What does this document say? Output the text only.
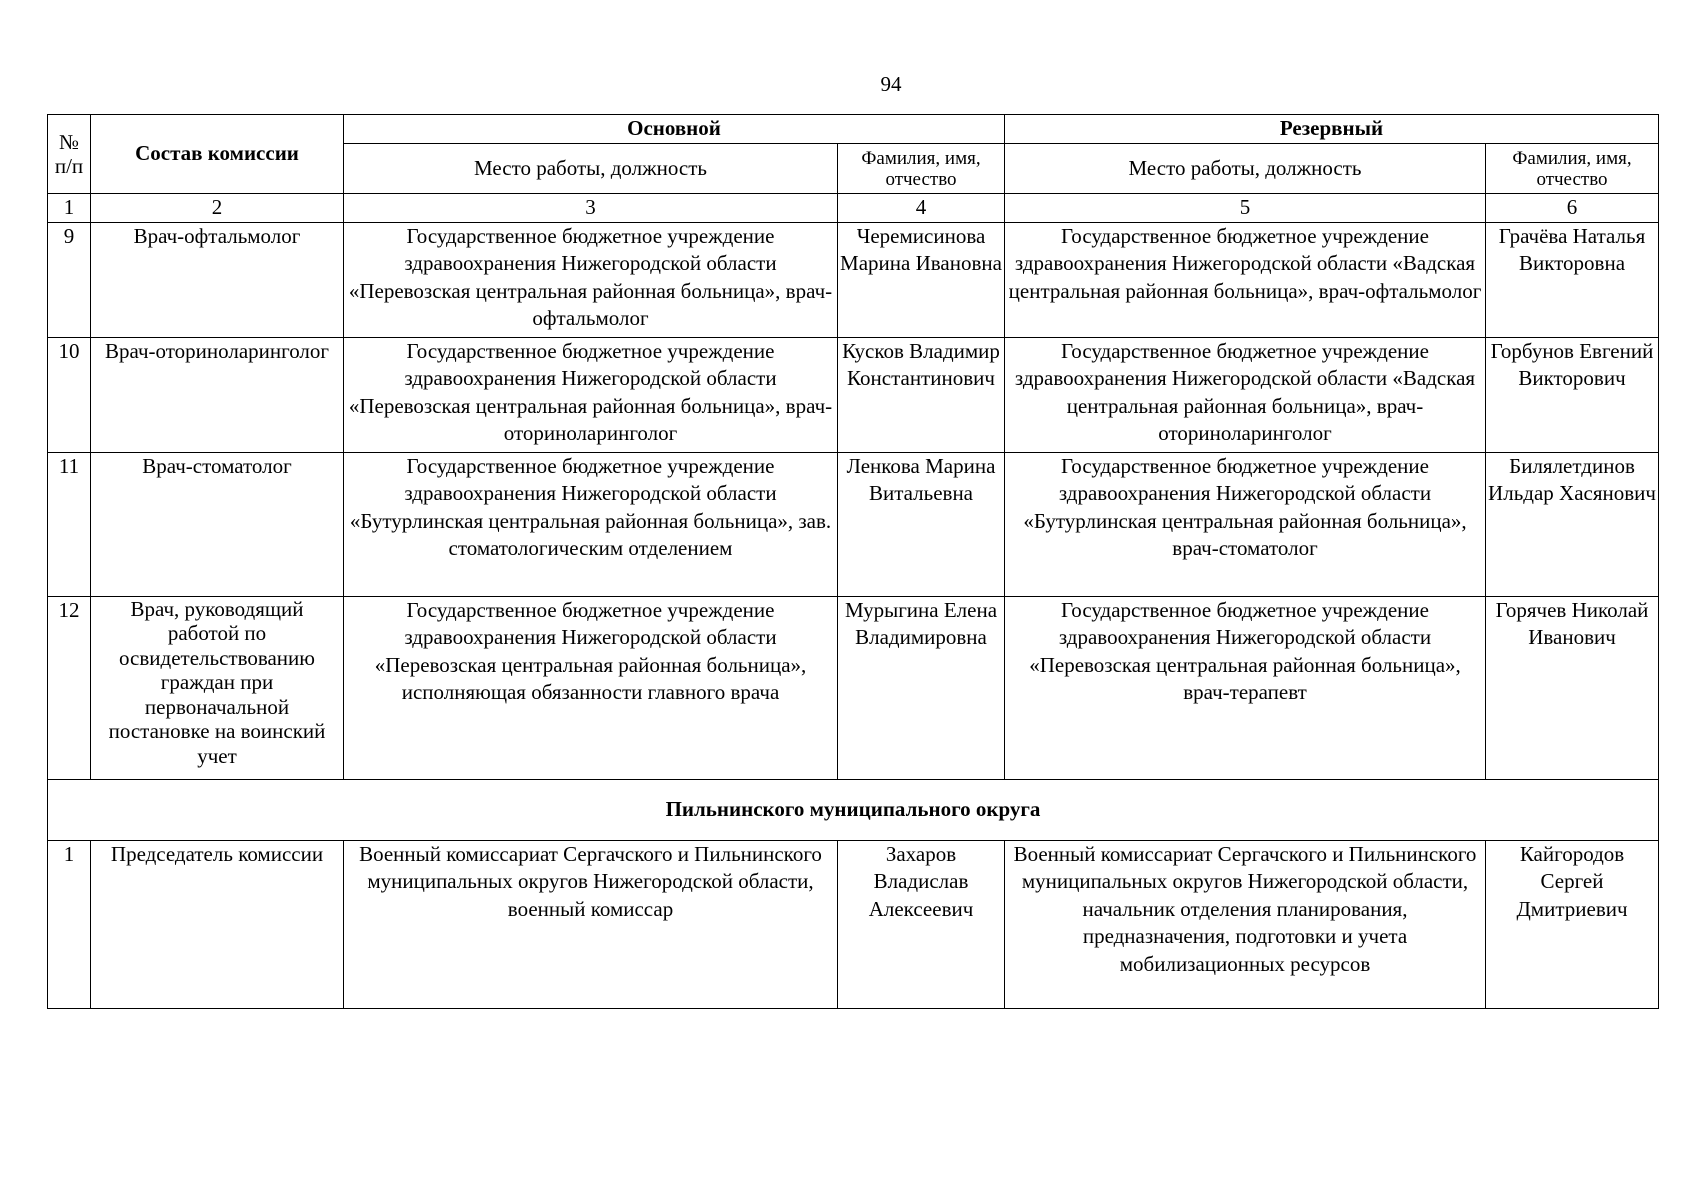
94
№ п/п	Состав комиссии	Основной		Резервный	
		Место работы, должность	Фамилия, имя, отчество	Место работы, должность	Фамилия, имя, отчество
1	2	3	4	5	6
9	Врач-офтальмолог	Государственное бюджетное учреждение здравоохранения Нижегородской области «Перевозская центральная районная больница», врач-офтальмолог	Черемисинова Марина Ивановна	Государственное бюджетное учреждение здравоохранения Нижегородской области «Вадская центральная районная больница», врач-офтальмолог	Грачёва Наталья Викторовна
10	Врач-оториноларинголог	Государственное бюджетное учреждение здравоохранения Нижегородской области «Перевозская центральная районная больница», врач-оториноларинголог	Кусков Владимир Константинович	Государственное бюджетное учреждение здравоохранения Нижегородской области «Вадская центральная районная больница», врач-оториноларинголог	Горбунов Евгений Викторович
11	Врач-стоматолог	Государственное бюджетное учреждение здравоохранения Нижегородской области «Бутурлинская центральная районная больница», зав. стоматологическим отделением	Ленкова Марина Витальевна	Государственное бюджетное учреждение здравоохранения Нижегородской области «Бутурлинская центральная районная больница», врач-стоматолог	Билялетдинов Ильдар Хасянович
12	Врач, руководящий работой по освидетельствованию граждан при первоначальной постановке на воинский учет	Государственное бюджетное учреждение здравоохранения Нижегородской области «Перевозская центральная районная больница», исполняющая обязанности главного врача	Мурыгина Елена Владимировна	Государственное бюджетное учреждение здравоохранения Нижегородской области «Перевозская центральная районная больница», врач-терапевт	Горячев Николай Иванович
Пильнинского муниципального округа					
1	Председатель комиссии	Военный комиссариат Сергачского и Пильнинского муниципальных округов Нижегородской области, военный комиссар	Захаров Владислав Алексеевич	Военный комиссариат Сергачского и Пильнинского муниципальных округов Нижегородской области, начальник отделения планирования, предназначения, подготовки и учета мобилизационных ресурсов	Кайгородов Сергей Дмитриевич
